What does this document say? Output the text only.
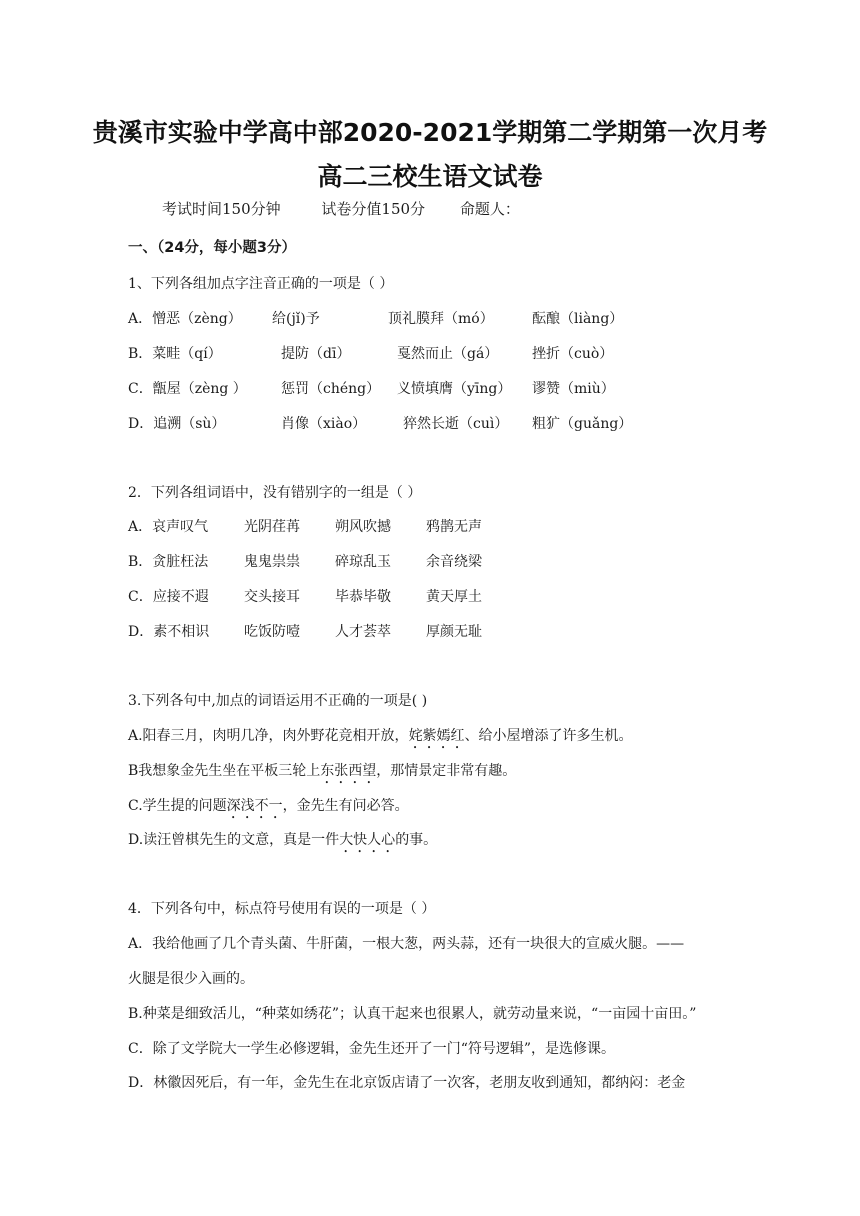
贵溪市实验中学高中部2020-2021学期第二学期第一次月考
高二三校生语文试卷
考试时间150分钟	试卷分值150分 命题人：
一、（24分，每小题3分）
1、下列各组加点字注音正确的一项是（ ）
A．憎恶（zèng） 给(jǐ)予	顶礼膜拜（mó）	酝酿（liàng）
B．菜畦（qí）	提防（dī）	戛然而止（gá） 挫折（cuò）
C．甑屋（zèng ） 惩罚（chéng） 义愤填膺（yīng） 谬赞（miù）
D．追溯（sù）	肖像（xiào）	猝然长逝（cuì） 粗犷（guǎng）
2．下列各组词语中，没有错别字的一组是（ ）
A．哀声叹气	光阴荏苒	朔风吹撼	鸦鹊无声
B．贪脏枉法	鬼鬼祟祟	碎琼乱玉	余音绕梁
C．应接不遐	交头接耳	毕恭毕敬	黄天厚土
D．素不相识 吃饭防噎	人才荟萃	厚颜无耻
3.下列各句中,加点的词语运用不正确的一项是( )
A.阳春三月，肉明几净，肉外野花竞相开放，姹紫嫣红、给小屋增添了许多生机。
B我想象金先生坐在平板三轮上东张西望，那情景定非常有趣。
C.学生提的问题深浅不一，金先生有问必答。
D.读汪曾棋先生的文意，真是一件大快人心的事。
4．下列各句中，标点符号使用有误的一项是（ ）
A．我给他画了几个青头菌、牛肝菌，一根大葱，两头蒜，还有一块很大的宣威火腿。——
火腿是很少入画的。
B.种菜是细致活儿，“种菜如绣花”；认真干起来也很累人，就劳动量来说，“一亩园十亩田。”
C．除了文学院大一学生必修逻辑，金先生还开了一门“符号逻辑”，是选修课。
D．林徽因死后，有一年，金先生在北京饭店请了一次客，老朋友收到通知，都纳闷：老金
